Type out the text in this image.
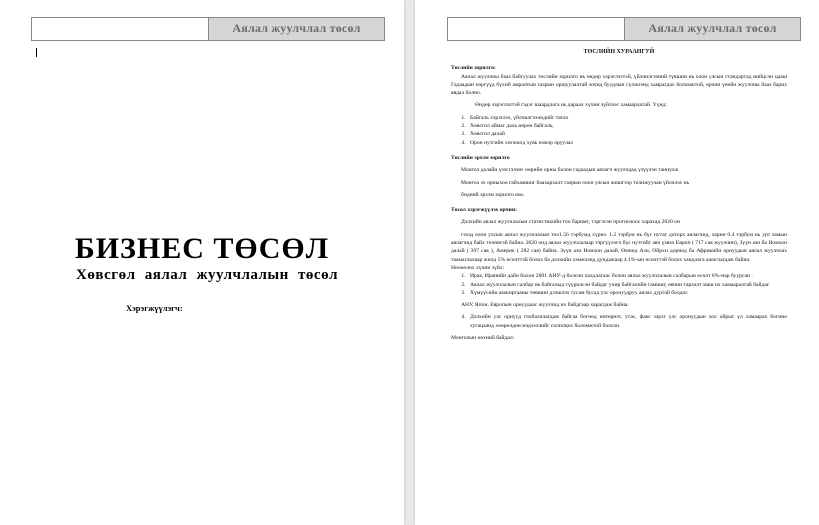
Аялал жуулчлал төсөл
БИЗНЕС ТӨСӨЛ
Хөвсгөл аялал жуулчлалын төсөл
Хэрэгжүүлэгч:
Аялал жуулчлал төсөл

ТӨСЛИЙН ХУРААНГУЙ

Төслийн зорилго:

Аялал жуулчны бааз байгуулах төслийн зорилго нь өндөр хэрэглээтэй, үйлчилгээний түвшин нь олон улсын стандартад нийцсэн цааш Гадаадын нэргүүд бүхий амралтын газрын оршуулалтай зочид буудлын сүлжээнд хамрагдах боломжтой, өрчин үеийн жуулчны бааз барих явдал болно.

Өндөр зэрэглэлтэй гэдэг шаардлага нь дараах хүчин зүйлээс хамаарлатай. Үүнд:

1. Байгаль хэрэглээ, үйлчилгээчидийг татах
2. Хөвсгөл аймаг дахь өөрөө байгаль,
3. Хөвсгөл далай
4. Орон нутгийн хөгжилд хувь нэмэр оруулах

Төслийн эрхэм зорилго

Монгол далайн үзэсгэлэнг өөрийн орны болон гадаадын аялагч жуулчдад үзүүлэн таниулж

Монгол эх орныхоо гайхамшиг баахархалт газрын олон улсын жишгээр толижуулан үйлчлэх нь

бидний эрхэм зорилго юм.

Төсөл хэрэгжүүлэх орчин:

Дэлхийн аялал жуулчлалын статистикийн тоо баримт, тэргэсэн прогнозоос харахад 2020 он

гэхэд олон улсын аялал жуулчлалын тоо1.56 тэрбумд хүрнэ. 1.2 тэрбум нь бүс нутаг доторх аялагчид, харин 0.4 тэрбум нь урт замын аялагчид байх төлөвтэй байна. 2020 онд аялал жуулчлалаар тэргүүлэгч бүс нутгийг авч үзвэл Европ ( 717 сая жуулчин), Зүүн ази ба Номхон далай ( 397 сая ), Америк ( 282 сая) байна. Зүүн ази Номхон далай, Өмнөд Ази, Ойрхи дорнод ба Африкийн орнуудын аялал жуулчлах таамаглалаар жилд 5% өсөлттэй болох ба дэлхийн хэмжээнд дундажаар 4.1%-ын өсөлттэй болох хандлага ажиглагдаж байна.

Нөлөөлөх хүчин зүйл:

1. Ирак, Иранийн дайн болон 2001 АНУ-д болсон халдлагаас болон аялал жуулчлалын салбарын өсөлт 6%-нар буурсан .
2. Аялал жуулчлалын салбар нь байгалыд сүүрилсэн байдаг учир байгалийн гамшиг, өвчин тархалт маш их хамааралтай байдаг.
3. Хүмүүсийн амжиргааны төвшин дээшлэх тусам бусад улс оронуудруу аялах дуртай болдог.

АНУ, Япон, Европын орнуудаас жуулчид их байдгаар харагдаж байна.

4. Дэлхийн улс орнууд глобалчлагдаж байгаа бөгөөд интернэт, утас, факс зэрэг улс оронуудын хол ойрыг үл хамаарах богино хугацаанд хөөрөлдөн мэдээллийг солилцох боломжтой болсон.

Монголын өөхний байдал:
